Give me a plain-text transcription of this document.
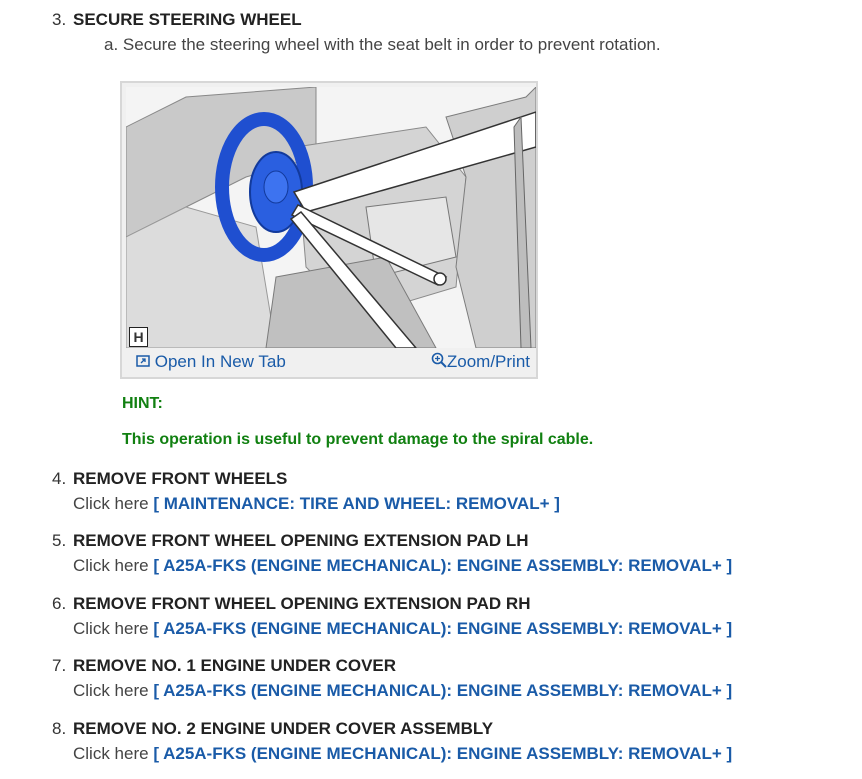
3. SECURE STEERING WHEEL
a. Secure the steering wheel with the seat belt in order to prevent rotation.
H
Open In New Tab	Zoom/Print
HINT:
This operation is useful to prevent damage to the spiral cable.
4. REMOVE FRONT WHEELS
Click here [ MAINTENANCE: TIRE AND WHEEL: REMOVAL+ ]
5. REMOVE FRONT WHEEL OPENING EXTENSION PAD LH
Click here [ A25A-FKS (ENGINE MECHANICAL): ENGINE ASSEMBLY: REMOVAL+ ]
6. REMOVE FRONT WHEEL OPENING EXTENSION PAD RH
Click here [ A25A-FKS (ENGINE MECHANICAL): ENGINE ASSEMBLY: REMOVAL+ ]
7. REMOVE NO. 1 ENGINE UNDER COVER
Click here [ A25A-FKS (ENGINE MECHANICAL): ENGINE ASSEMBLY: REMOVAL+ ]
8. REMOVE NO. 2 ENGINE UNDER COVER ASSEMBLY
Click here [ A25A-FKS (ENGINE MECHANICAL): ENGINE ASSEMBLY: REMOVAL+ ]
